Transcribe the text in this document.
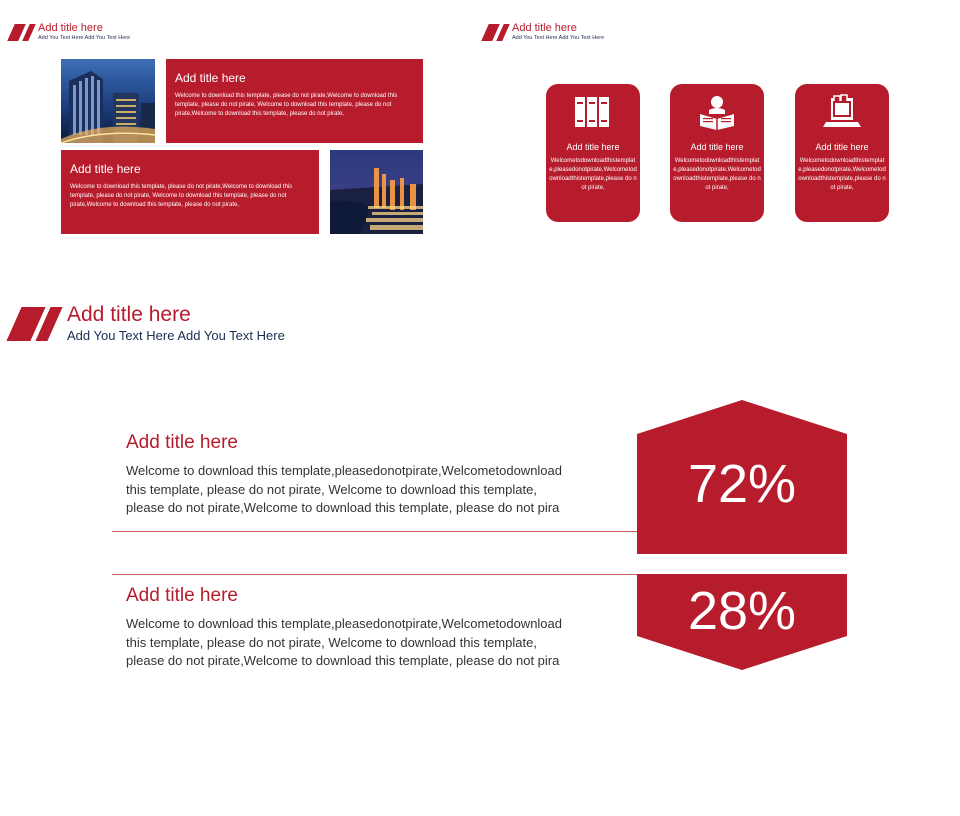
Add title here
Add You Text Here Add You Text Here
Add title here

Welcome to download this template, please do not pirate,Welcome to download this template, please do not pirate, Welcome to download this template, please do not pirate,Welcome to download this template, please do not pirate,

Add title here

Welcome to download this template, please do not pirate,Welcome to download this template, please do not pirate, Welcome to download this template, please do not pirate,Welcome to download this template, please do not pirate,

Add title here
Add You Text Here Add You Text Here
Add title here
Welcometodownloadthistemplate,pleasedonotpirate,Welcometodownloadthistemplate,please do not pirate,
Add title here
Welcometodownloadthistemplate,pleasedonotpirate,Welcometodownloadthistemplate,please do not pirate,
Add title here
Welcometodownloadthistemplate,pleasedonotpirate,Welcometodownloadthistemplate,please do not pirate,
Add title here
Add You Text Here Add You Text Here
Add title here
Welcome to download this template,pleasedonotpirate,Welcometodownload this template, please do not pirate, Welcome to download this template, please do not pirate,Welcome to download this template, please do not pira
Add title here
Welcome to download this template,pleasedonotpirate,Welcometodownload this template, please do not pirate, Welcome to download this template, please do not pirate,Welcome to download this template, please do not pira
72%
28%
